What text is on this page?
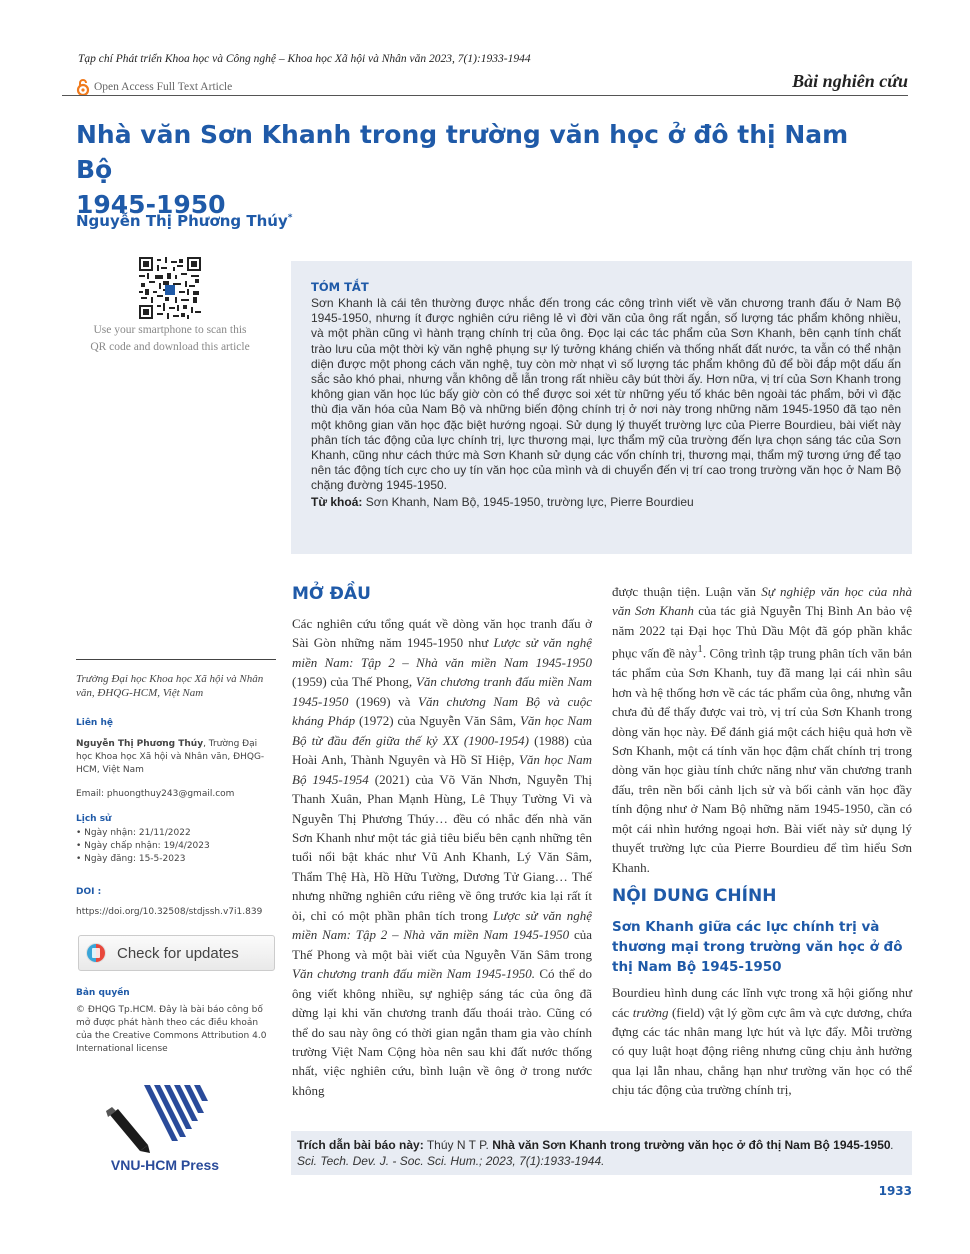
Tạp chí Phát triển Khoa học và Công nghệ – Khoa học Xã hội và Nhân văn 2023, 7(1):1933-1944
Open Access Full Text Article	Bài nghiên cứu
Nhà văn Sơn Khanh trong trường văn học ở đô thị Nam Bộ
1945-1950
Nguyễn Thị Phương Thúy*
Use your smartphone to scan this
QR code and download this article
TÓM TẮT
Sơn Khanh là cái tên thường được nhắc đến trong các công trình viết về văn chương tranh đấu ở Nam Bộ 1945-1950, nhưng ít được nghiên cứu riêng lẻ vì đời văn của ông rất ngắn, số lượng tác phẩm không nhiều, và một phần cũng vì hành trạng chính trị của ông. Đọc lại các tác phẩm của Sơn Khanh, bên cạnh tính chất trào lưu của một thời kỳ văn nghệ phụng sự lý tưởng kháng chiến và thống nhất đất nước, ta vẫn có thể nhận diện được một phong cách văn nghệ, tuy còn mờ nhạt vì số lượng tác phẩm không đủ để bồi đắp một dấu ấn sắc sảo khó phai, nhưng vẫn không dễ lẫn trong rất nhiều cây bút thời ấy. Hơn nữa, vị trí của Sơn Khanh trong không gian văn học lúc bấy giờ còn có thể được soi xét từ những yếu tố khác bên ngoài tác phẩm, bởi vì đặc thù địa văn hóa của Nam Bộ và những biến động chính trị ở nơi này trong những năm 1945-1950 đã tạo nên một không gian văn học đặc biệt hướng ngoại. Sử dụng lý thuyết trường lực của Pierre Bourdieu, bài viết này phân tích tác động của lực chính trị, lực thương mại, lực thẩm mỹ của trường đến lựa chọn sáng tác của Sơn Khanh, cũng như cách thức mà Sơn Khanh sử dụng các vốn chính trị, thương mại, thẩm mỹ tương ứng để tạo nên tác động tích cực cho uy tín văn học của mình và di chuyển đến vị trí cao trong trường văn học ở Nam Bộ chặng đường 1945-1950.
Từ khoá: Sơn Khanh, Nam Bộ, 1945-1950, trường lực, Pierre Bourdieu
Trường Đại học Khoa học Xã hội và Nhân văn, ĐHQG-HCM, Việt Nam
Liên hệ
Nguyễn Thị Phương Thúy, Trường Đại học Khoa học Xã hội và Nhân văn, ĐHQG-HCM, Việt Nam
Email: phuongthuy243@gmail.com
Lịch sử
• Ngày nhận: 21/11/2022
• Ngày chấp nhận: 19/4/2023
• Ngày đăng: 15-5-2023
DOI :
https://doi.org/10.32508/stdjssh.v7i1.839
Check for updates
Bản quyền
© ĐHQG Tp.HCM. Đây là bài báo công bố mở được phát hành theo các điều khoản của the Creative Commons Attribution 4.0 International license
VNU-HCM Press
MỞ ĐẦU
Các nghiên cứu tổng quát về dòng văn học tranh đấu ở Sài Gòn những năm 1945-1950 như Lược sử văn nghệ miền Nam: Tập 2 – Nhà văn miền Nam 1945-1950 (1959) của Thế Phong, Văn chương tranh đấu miền Nam 1945-1950 (1969) và Văn chương Nam Bộ và cuộc kháng Pháp (1972) của Nguyễn Văn Sâm, Văn học Nam Bộ từ đầu đến giữa thế kỷ XX (1900-1954) (1988) của Hoài Anh, Thành Nguyên và Hồ Sĩ Hiệp, Văn học Nam Bộ 1945-1954 (2021) của Võ Văn Nhơn, Nguyễn Thị Thanh Xuân, Phan Mạnh Hùng, Lê Thụy Tường Vi và Nguyễn Thị Phương Thúy… đều có nhắc đến nhà văn Sơn Khanh như một tác giả tiêu biểu bên cạnh những tên tuổi nổi bật khác như Vũ Anh Khanh, Lý Văn Sâm, Thẩm Thệ Hà, Hồ Hữu Tường, Dương Tử Giang… Thế nhưng những nghiên cứu riêng về ông trước kia lại rất ít ỏi, chỉ có một phần phân tích trong Lược sử văn nghệ miền Nam: Tập 2 – Nhà văn miền Nam 1945-1950 của Thế Phong và một bài viết của Nguyễn Văn Sâm trong Văn chương tranh đấu miền Nam 1945-1950. Có thể do ông viết không nhiều, sự nghiệp sáng tác của ông đã dừng lại khi văn chương tranh đấu thoái trào. Cũng có thể do sau này ông có thời gian ngắn tham gia vào chính trường Việt Nam Cộng hòa nên sau khi đất nước thống nhất, việc nghiên cứu, bình luận về ông ở trong nước không
được thuận tiện. Luận văn Sự nghiệp văn học của nhà văn Sơn Khanh của tác giả Nguyễn Thị Bình An bảo vệ năm 2022 tại Đại học Thủ Dầu Một đã góp phần khắc phục vấn đề này$^1$. Công trình tập trung phân tích văn bản tác phẩm của Sơn Khanh, tuy đã mang lại cái nhìn sâu hơn và hệ thống hơn về các tác phẩm của ông, nhưng vẫn chưa đủ để thấy được vai trò, vị trí của Sơn Khanh trong dòng văn học này. Để đánh giá một cách hiệu quả hơn về Sơn Khanh, một cá tính văn học đậm chất chính trị trong dòng văn học giàu tính chức năng như văn chương tranh đấu, trên nền bối cảnh lịch sử và bối cảnh văn học đầy tính động như ở Nam Bộ những năm 1945-1950, cần có một cái nhìn hướng ngoại hơn. Bài viết này sử dụng lý thuyết trường lực của Pierre Bourdieu để tìm hiểu Sơn Khanh.
NỘI DUNG CHÍNH
Sơn Khanh giữa các lực chính trị và thương mại trong trường văn học ở đô thị Nam Bộ 1945-1950
Bourdieu hình dung các lĩnh vực trong xã hội giống như các trường (field) vật lý gồm cực âm và cực dương, chứa đựng các tác nhân mang lực hút và lực đẩy. Mỗi trường có quy luật hoạt động riêng nhưng cũng chịu ảnh hưởng qua lại lẫn nhau, chẳng hạn như trường văn học có thể chịu tác động của trường chính trị,
Trích dẫn bài báo này: Thúy N T P. Nhà văn Sơn Khanh trong trường văn học ở đô thị Nam Bộ 1945-1950. Sci. Tech. Dev. J. - Soc. Sci. Hum.; 2023, 7(1):1933-1944.
1933
